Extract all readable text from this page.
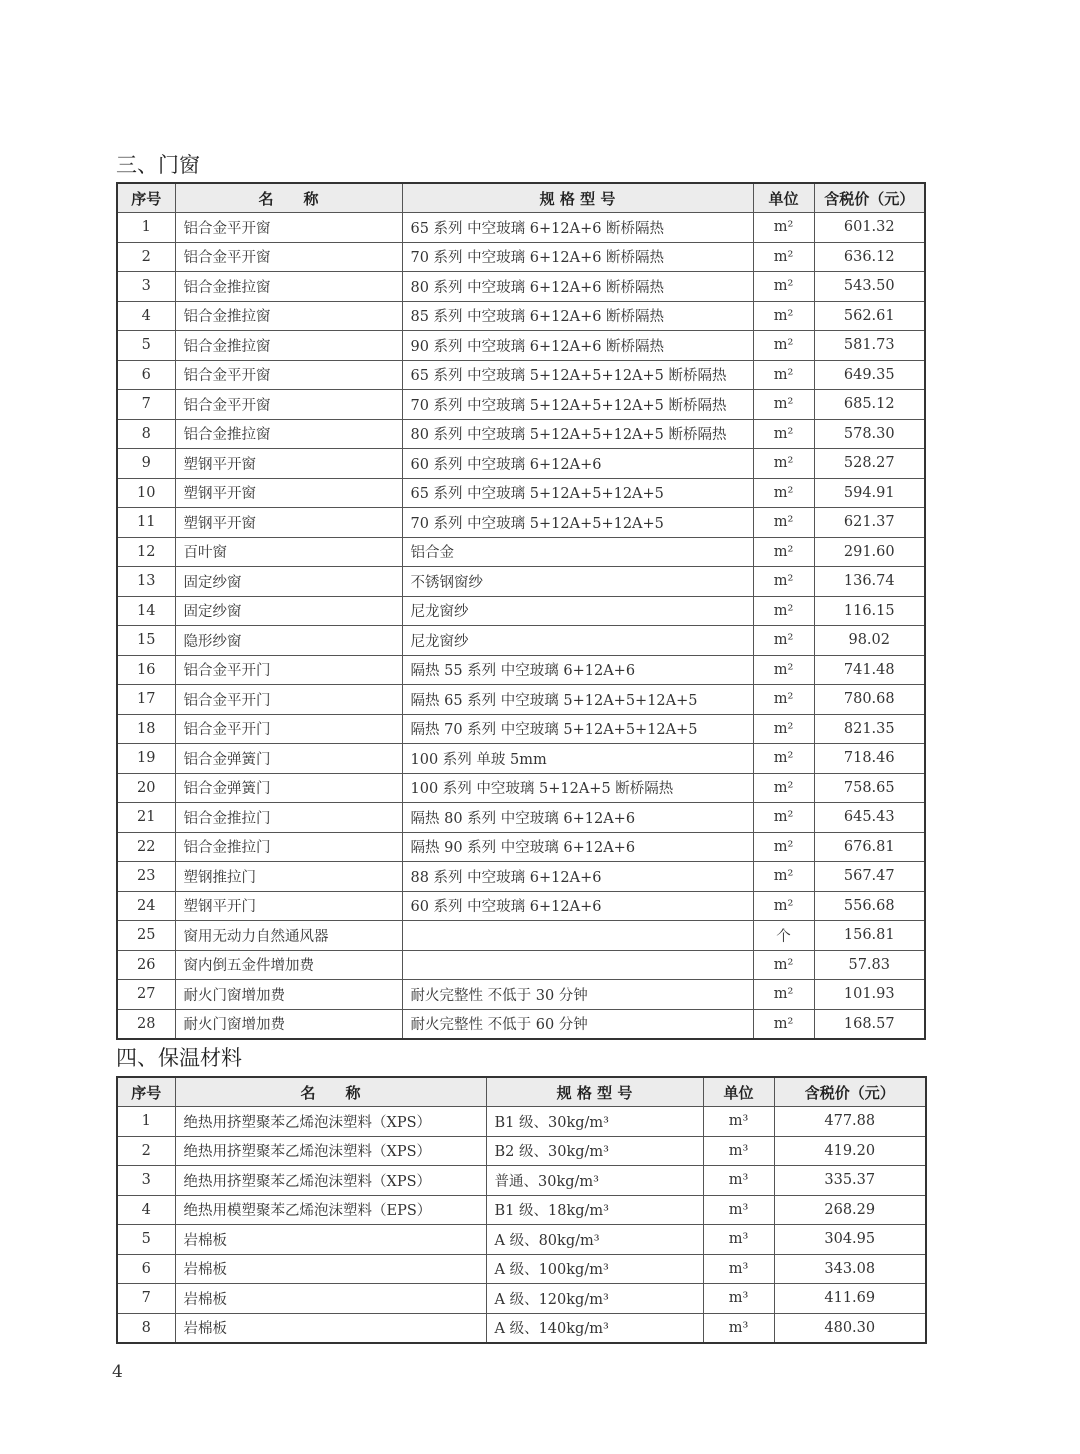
三、门窗
序号	名　　称	规 格 型 号	单位	含税价（元）
1	铝合金平开窗	65 系列 中空玻璃 6+12A+6 断桥隔热	m²	601.32
2	铝合金平开窗	70 系列 中空玻璃 6+12A+6 断桥隔热	m²	636.12
3	铝合金推拉窗	80 系列 中空玻璃 6+12A+6 断桥隔热	m²	543.50
4	铝合金推拉窗	85 系列 中空玻璃 6+12A+6 断桥隔热	m²	562.61
5	铝合金推拉窗	90 系列 中空玻璃 6+12A+6 断桥隔热	m²	581.73
6	铝合金平开窗	65 系列 中空玻璃 5+12A+5+12A+5 断桥隔热	m²	649.35
7	铝合金平开窗	70 系列 中空玻璃 5+12A+5+12A+5 断桥隔热	m²	685.12
8	铝合金推拉窗	80 系列 中空玻璃 5+12A+5+12A+5 断桥隔热	m²	578.30
9	塑钢平开窗	60 系列 中空玻璃 6+12A+6	m²	528.27
10	塑钢平开窗	65 系列 中空玻璃 5+12A+5+12A+5	m²	594.91
11	塑钢平开窗	70 系列 中空玻璃 5+12A+5+12A+5	m²	621.37
12	百叶窗	铝合金	m²	291.60
13	固定纱窗	不锈钢窗纱	m²	136.74
14	固定纱窗	尼龙窗纱	m²	116.15
15	隐形纱窗	尼龙窗纱	m²	98.02
16	铝合金平开门	隔热 55 系列 中空玻璃 6+12A+6	m²	741.48
17	铝合金平开门	隔热 65 系列 中空玻璃 5+12A+5+12A+5	m²	780.68
18	铝合金平开门	隔热 70 系列 中空玻璃 5+12A+5+12A+5	m²	821.35
19	铝合金弹簧门	100 系列 单玻 5mm	m²	718.46
20	铝合金弹簧门	100 系列 中空玻璃 5+12A+5 断桥隔热	m²	758.65
21	铝合金推拉门	隔热 80 系列 中空玻璃 6+12A+6	m²	645.43
22	铝合金推拉门	隔热 90 系列 中空玻璃 6+12A+6	m²	676.81
23	塑钢推拉门	88 系列 中空玻璃 6+12A+6	m²	567.47
24	塑钢平开门	60 系列 中空玻璃 6+12A+6	m²	556.68
25	窗用无动力自然通风器		个	156.81
26	窗内倒五金件增加费		m²	57.83
27	耐火门窗增加费	耐火完整性 不低于 30 分钟	m²	101.93
28	耐火门窗增加费	耐火完整性 不低于 60 分钟	m²	168.57
四、保温材料
序号	名　　称	规 格 型 号	单位	含税价（元）
1	绝热用挤塑聚苯乙烯泡沫塑料（XPS）	B1 级、30kg/m³	m³	477.88
2	绝热用挤塑聚苯乙烯泡沫塑料（XPS）	B2 级、30kg/m³	m³	419.20
3	绝热用挤塑聚苯乙烯泡沫塑料（XPS）	普通、30kg/m³	m³	335.37
4	绝热用模塑聚苯乙烯泡沫塑料（EPS）	B1 级、18kg/m³	m³	268.29
5	岩棉板	A 级、80kg/m³	m³	304.95
6	岩棉板	A 级、100kg/m³	m³	343.08
7	岩棉板	A 级、120kg/m³	m³	411.69
8	岩棉板	A 级、140kg/m³	m³	480.30
4
